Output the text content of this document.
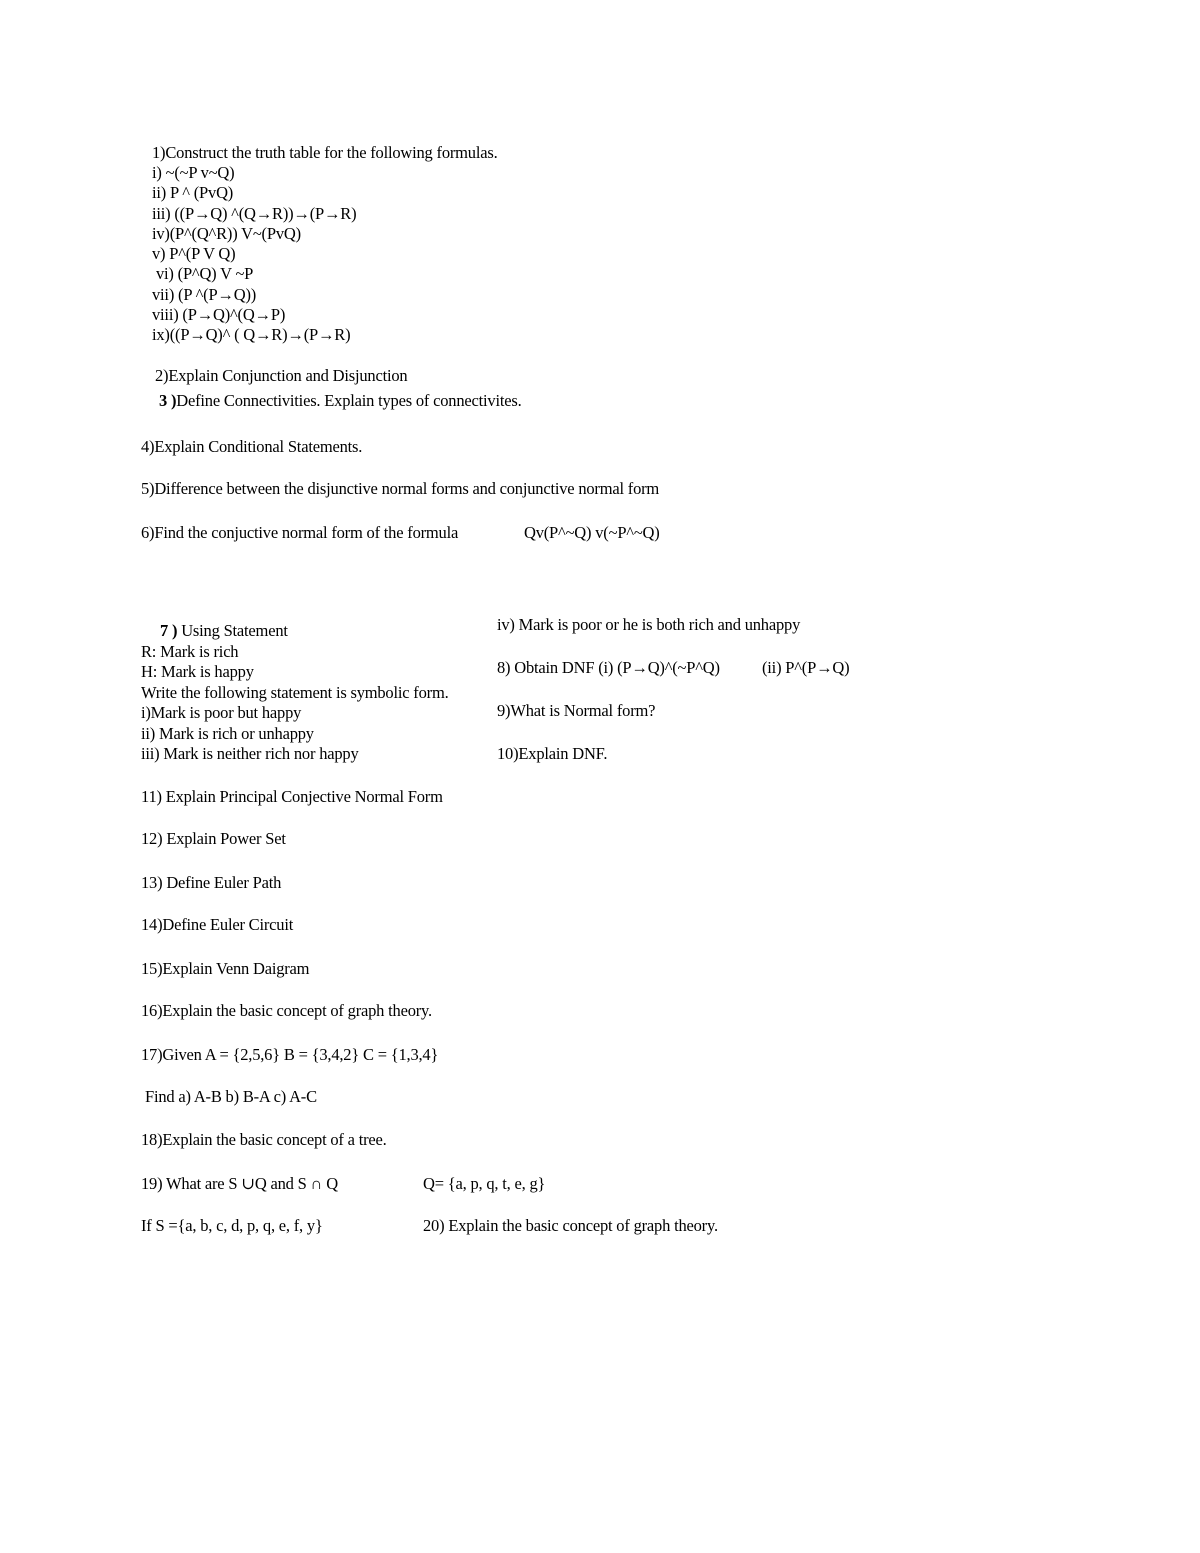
1)Construct the truth table for the following formulas.
i) ~(~P v~Q)
ii) P ^ (PvQ)
iii) ((P→Q) ^(Q→R))→(P→R)
iv)(P^(Q^R)) V~(PvQ)
v) P^(P V Q)
vi) (P^Q) V ~P
vii) (P ^(P→Q))
viii) (P→Q)^(Q→P)
ix)((P→Q)^ ( Q→R)→(P→R)
2)Explain Conjunction and Disjunction
3 )Define Connectivities. Explain types of connectivites.
4)Explain Conditional Statements.
5)Difference between the disjunctive normal forms and conjunctive normal form
6)Find the conjuctive normal form of the formula	Qv(P^~Q) v(~P^~Q)
7 ) Using Statement
R: Mark is rich
H: Mark is happy
Write the following statement is symbolic form.
i)Mark is poor but happy
ii) Mark is rich or unhappy
iii) Mark is neither rich nor happy
iv) Mark is poor or he is both rich and unhappy
8) Obtain DNF (i) (P→Q)^(~P^Q)	(ii) P^(P→Q)
9)What is Normal form?
10)Explain DNF.
11) Explain Principal Conjective Normal Form
12) Explain Power Set
13) Define Euler Path
14)Define Euler Circuit
15)Explain Venn Daigram
16)Explain the basic concept of graph theory.
17)Given A = {2,5,6} B = {3,4,2} C = {1,3,4}
Find a) A-B b) B-A c) A-C
18)Explain the basic concept of a tree.
19) What are S ∪Q and S ∩ Q	Q= {a, p, q, t, e, g}
If S ={a, b, c, d, p, q, e, f, y}	20) Explain the basic concept of graph theory.
